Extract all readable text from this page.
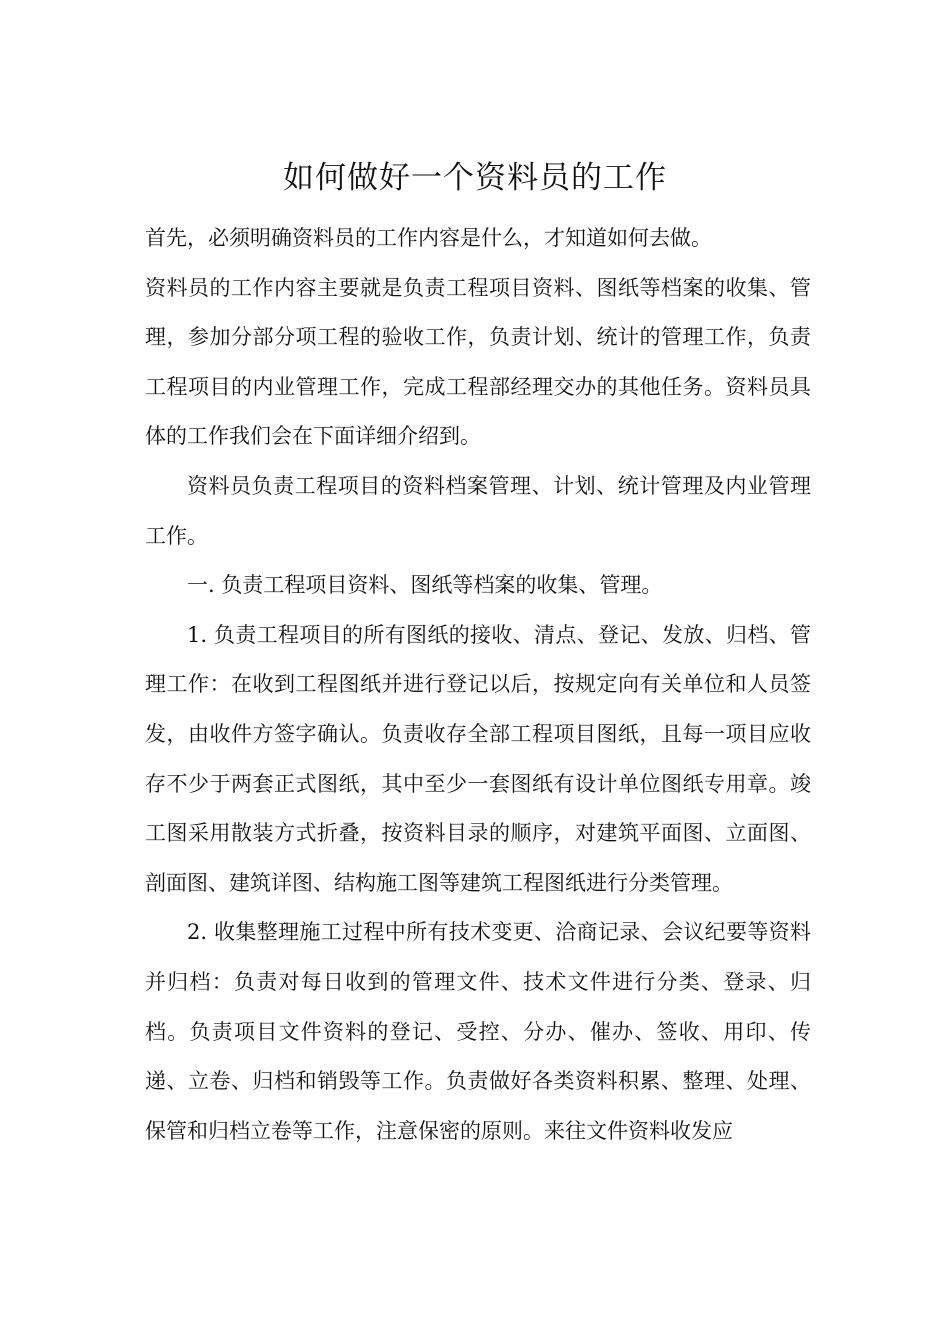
如何做好一个资料员的工作

首先，必须明确资料员的工作内容是什么，才知道如何去做。

资料员的工作内容主要就是负责工程项目资料、图纸等档案的收集、管理，参加分部分项工程的验收工作，负责计划、统计的管理工作，负责工程项目的内业管理工作，完成工程部经理交办的其他任务。资料员具体的工作我们会在下面详细介绍到。

资料员负责工程项目的资料档案管理、计划、统计管理及内业管理工作。

一. 负责工程项目资料、图纸等档案的收集、管理。

1. 负责工程项目的所有图纸的接收、清点、登记、发放、归档、管理工作：在收到工程图纸并进行登记以后，按规定向有关单位和人员签发，由收件方签字确认。负责收存全部工程项目图纸，且每一项目应收存不少于两套正式图纸，其中至少一套图纸有设计单位图纸专用章。竣工图采用散装方式折叠，按资料目录的顺序，对建筑平面图、立面图、剖面图、建筑详图、结构施工图等建筑工程图纸进行分类管理。

2. 收集整理施工过程中所有技术变更、洽商记录、会议纪要等资料并归档：负责对每日收到的管理文件、技术文件进行分类、登录、归档。负责项目文件资料的登记、受控、分办、催办、签收、用印、传递、立卷、归档和销毁等工作。负责做好各类资料积累、整理、处理、保管和归档立卷等工作，注意保密的原则。来往文件资料收发应
